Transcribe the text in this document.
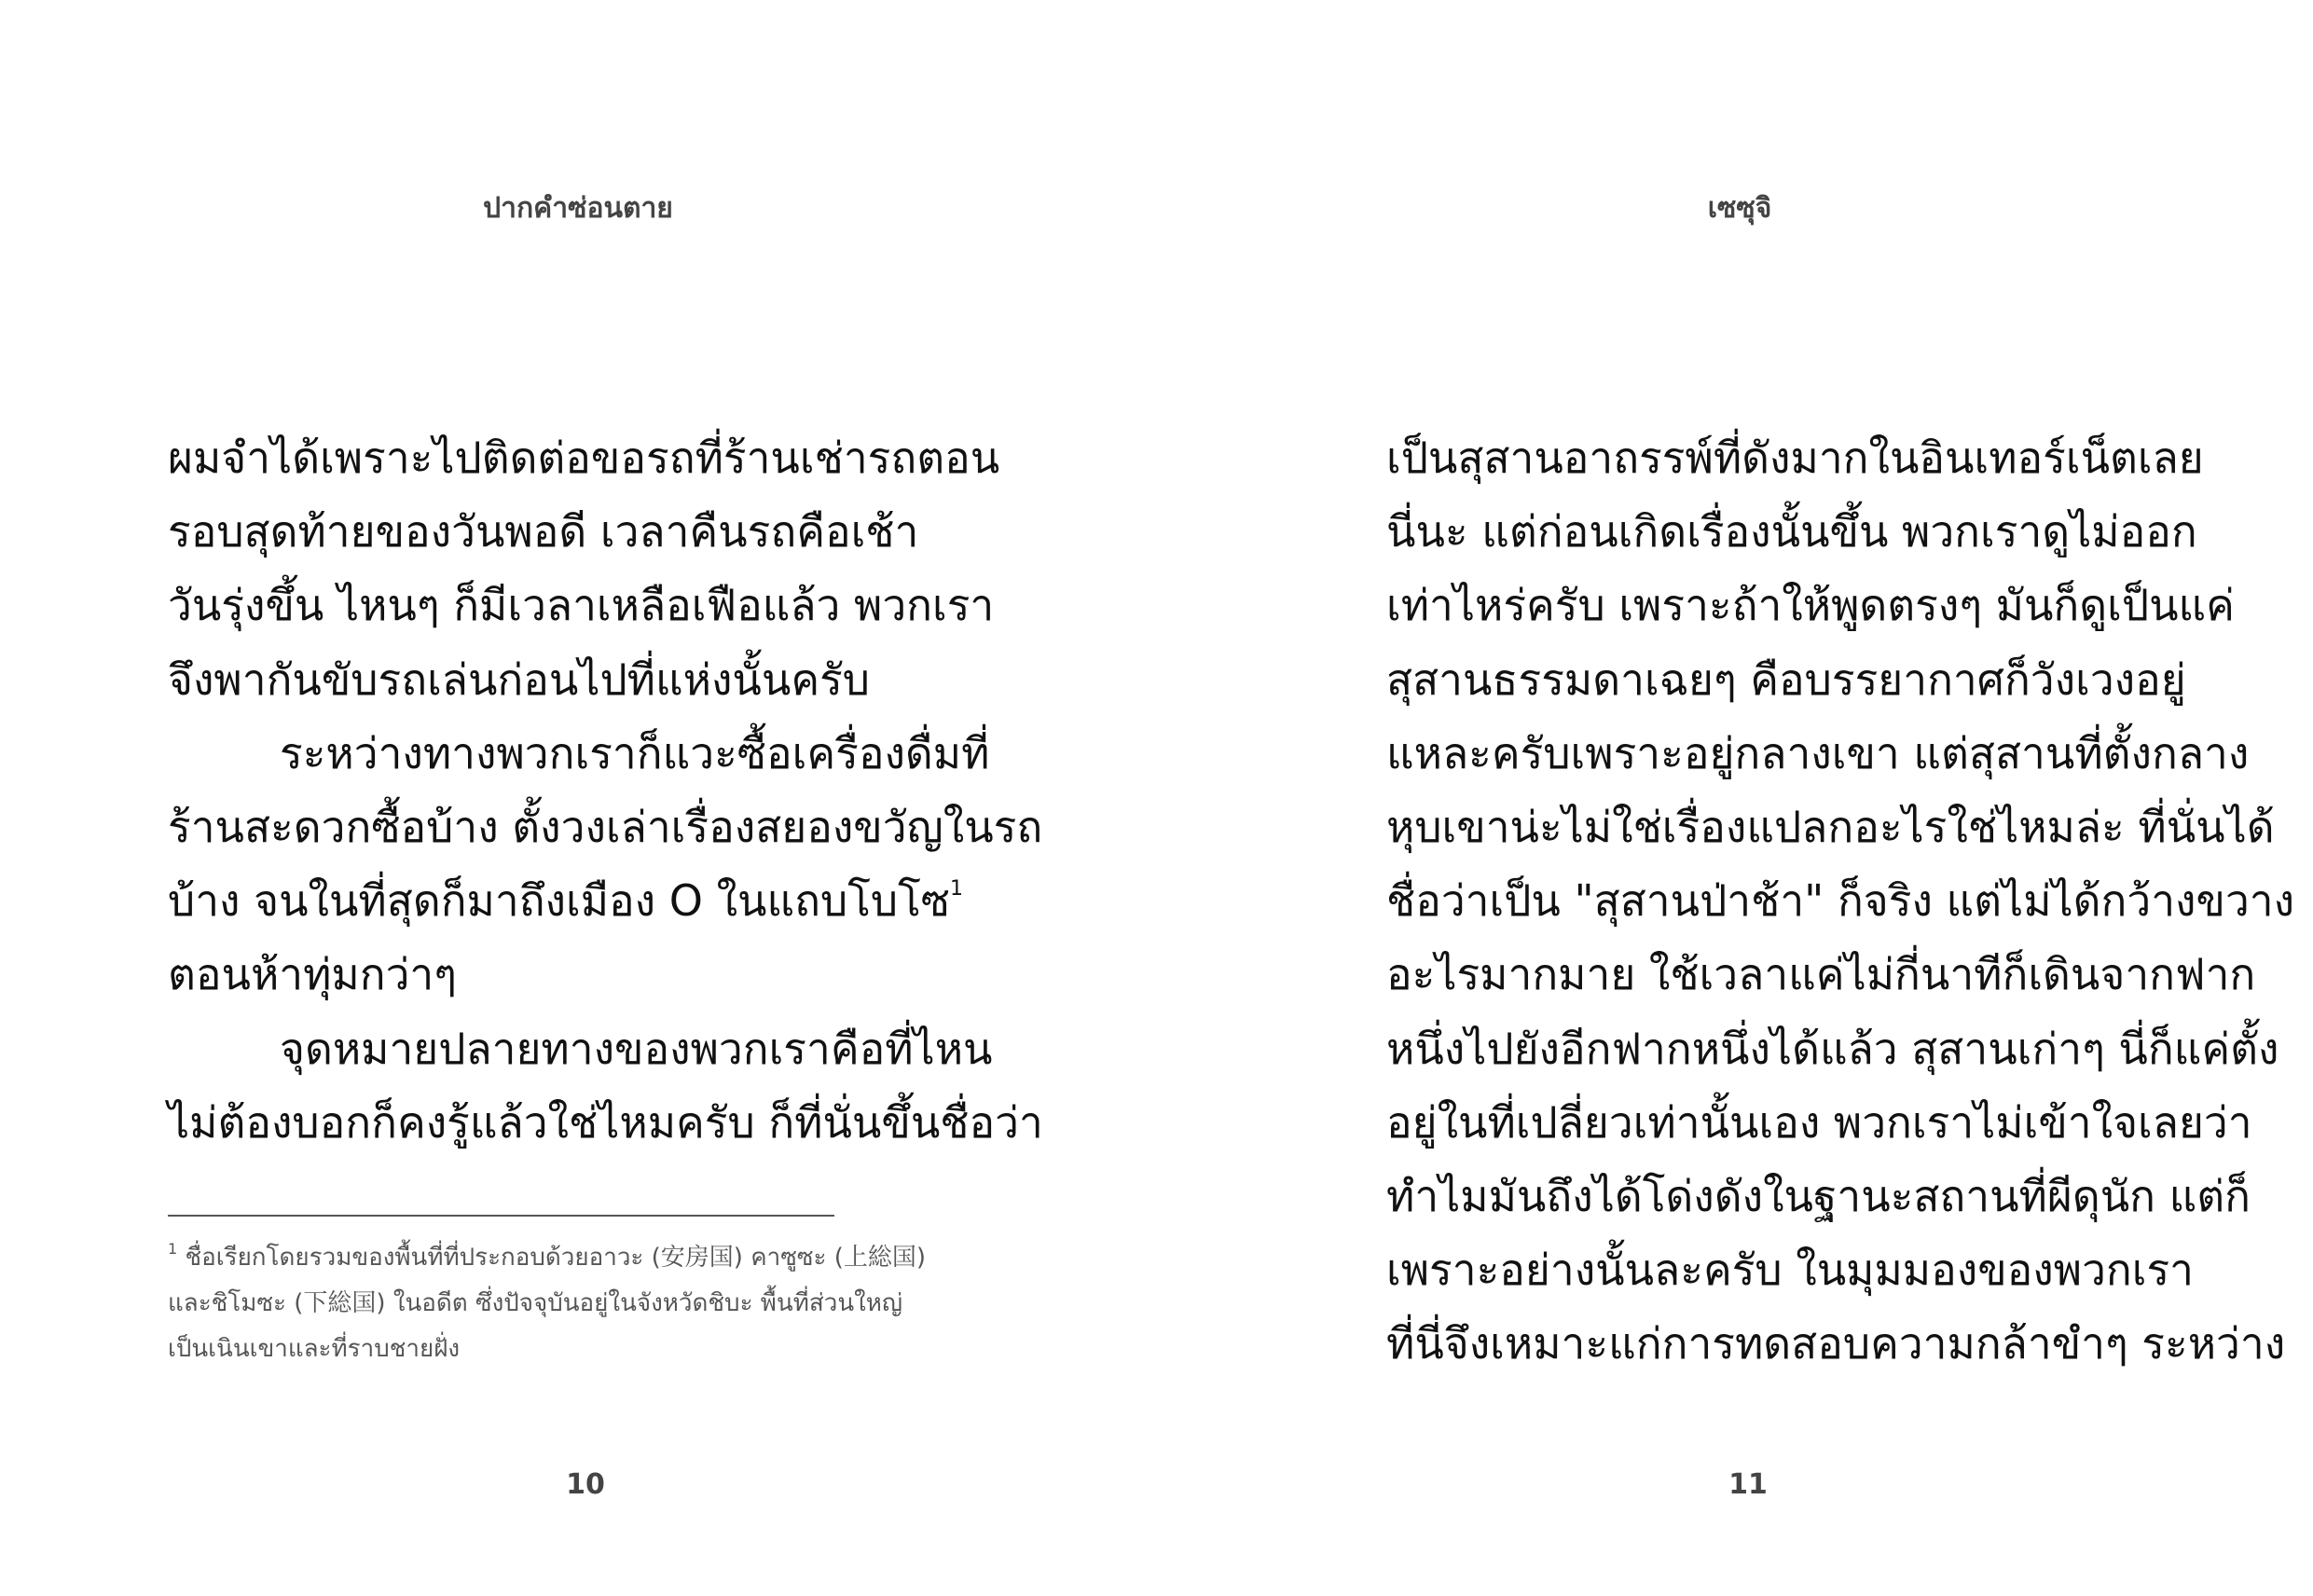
ปากคำซ่อนตาย
ผมจำได้เพราะไปติดต่อขอรถที่ร้านเช่ารถตอน
รอบสุดท้ายของวันพอดี เวลาคืนรถคือเช้า
วันรุ่งขึ้น ไหนๆ ก็มีเวลาเหลือเฟือแล้ว พวกเรา
จึงพากันขับรถเล่นก่อนไปที่แห่งนั้นครับ
ระหว่างทางพวกเราก็แวะซื้อเครื่องดื่มที่
ร้านสะดวกซื้อบ้าง ตั้งวงเล่าเรื่องสยองขวัญในรถ
บ้าง จนในที่สุดก็มาถึงเมือง O ในแถบโบโซ$^1$
ตอนห้าทุ่มกว่าๆ
จุดหมายปลายทางของพวกเราคือที่ไหน
ไม่ต้องบอกก็คงรู้แล้วใช่ไหมครับ ก็ที่นั่นขึ้นชื่อว่า
$^1$ ชื่อเรียกโดยรวมของพื้นที่ที่ประกอบด้วยอาวะ (安房国) คาซูซะ (上総国)
และชิโมซะ (下総国) ในอดีต ซึ่งปัจจุบันอยู่ในจังหวัดชิบะ พื้นที่ส่วนใหญ่
เป็นเนินเขาและที่ราบชายฝั่ง
10
เซซุจิ
เป็นสุสานอาถรรพ์ที่ดังมากในอินเทอร์เน็ตเลย
นี่นะ แต่ก่อนเกิดเรื่องนั้นขึ้น พวกเราดูไม่ออก
เท่าไหร่ครับ เพราะถ้าให้พูดตรงๆ มันก็ดูเป็นแค่
สุสานธรรมดาเฉยๆ คือบรรยากาศก็วังเวงอยู่
แหละครับเพราะอยู่กลางเขา แต่สุสานที่ตั้งกลาง
หุบเขาน่ะไม่ใช่เรื่องแปลกอะไรใช่ไหมล่ะ ที่นั่นได้
ชื่อว่าเป็น "สุสานป่าช้า" ก็จริง แต่ไม่ได้กว้างขวาง
อะไรมากมาย ใช้เวลาแค่ไม่กี่นาทีก็เดินจากฟาก
หนึ่งไปยังอีกฟากหนึ่งได้แล้ว สุสานเก่าๆ นี่ก็แค่ตั้ง
อยู่ในที่เปลี่ยวเท่านั้นเอง พวกเราไม่เข้าใจเลยว่า
ทำไมมันถึงได้โด่งดังในฐานะสถานที่ผีดุนัก แต่ก็
เพราะอย่างนั้นละครับ ในมุมมองของพวกเรา
ที่นี่จึงเหมาะแก่การทดสอบความกล้าขำๆ ระหว่าง
11
